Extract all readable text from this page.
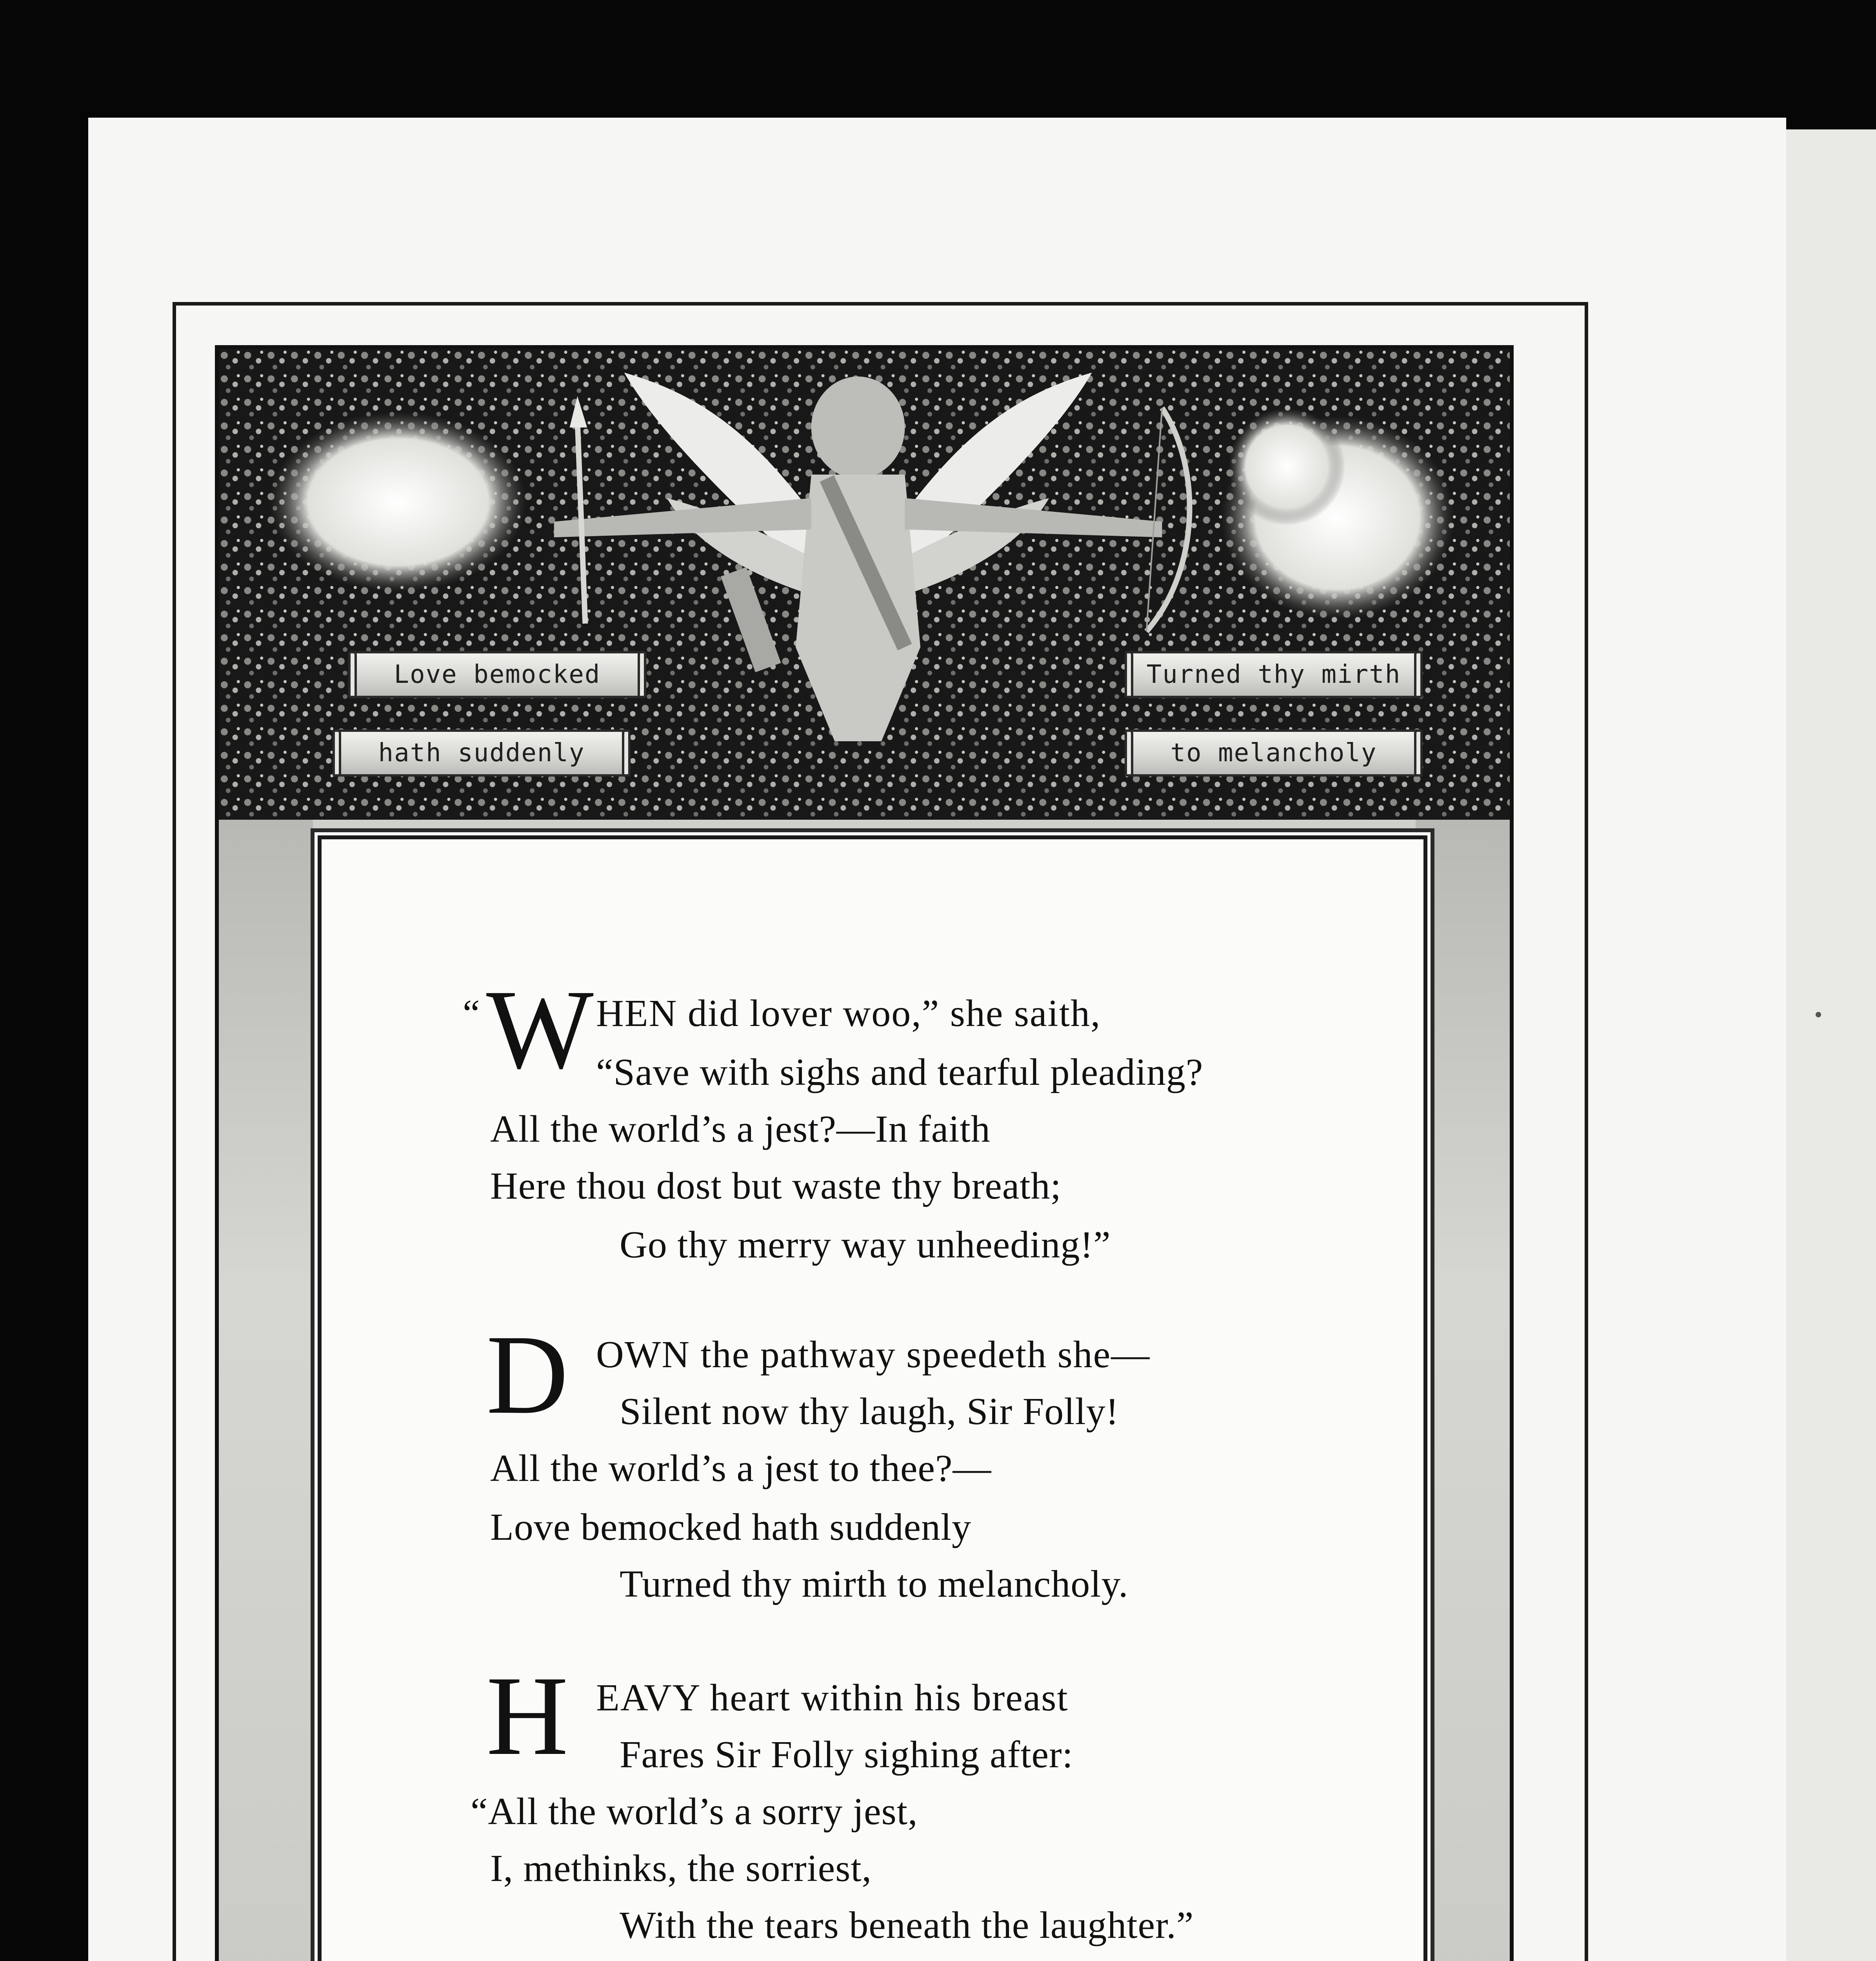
Love bemocked
hath suddenly
Turned thy mirth
to melancholy
“ W HEN did lover woo,” she saith,
“Save with sighs and tearful pleading?
All the world’s a jest?—In faith
Here thou dost but waste thy breath;
Go thy merry way unheeding!”
D OWN the pathway speedeth she—
Silent now thy laugh, Sir Folly!
All the world’s a jest to thee?—
Love bemocked hath suddenly
Turned thy mirth to melancholy.
H EAVY heart within his breast
Fares Sir Folly sighing after:
“All the world’s a sorry jest,
I, methinks, the sorriest,
With the tears beneath the laughter.”
